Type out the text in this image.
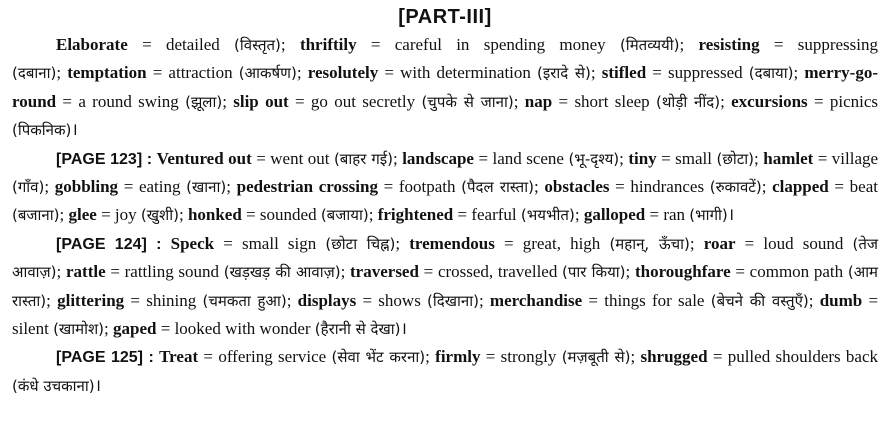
[PART-III]

Elaborate = detailed (विस्तृत); thriftily = careful in spending money (मितव्ययी); resisting = suppressing (दबाना); temptation = attraction (आकर्षण); resolutely = with determination (इरादे से); stifled = suppressed (दबाया); merry-go-round = a round swing (झूला); slip out = go out secretly (चुपके से जाना); nap = short sleep (थोड़ी नींद); excursions = picnics (पिकनिक)।

[PAGE 123] : Ventured out = went out (बाहर गई); landscape = land scene (भू-दृश्य); tiny = small (छोटा); hamlet = village (गाँव); gobbling = eating (खाना); pedestrian crossing = footpath (पैदल रास्ता); obstacles = hindrances (रुकावटें); clapped = beat (बजाना); glee = joy (खुशी); honked = sounded (बजाया); frightened = fearful (भयभीत); galloped = ran (भागी)।

[PAGE 124] : Speck = small sign (छोटा चिह्न); tremendous = great, high (महान्, ऊँचा); roar = loud sound (तेज आवाज़); rattle = rattling sound (खड़खड़ की आवाज़); traversed = crossed, travelled (पार किया); thoroughfare = common path (आम रास्ता); glittering = shining (चमकता हुआ); displays = shows (दिखाना); merchandise = things for sale (बेचने की वस्तुएँ); dumb = silent (खामोश); gaped = looked with wonder (हैरानी से देखा)।

[PAGE 125] : Treat = offering service (सेवा भेंट करना); firmly = strongly (मज़बूती से); shrugged = pulled shoulders back (कंधे उचकाना)।
